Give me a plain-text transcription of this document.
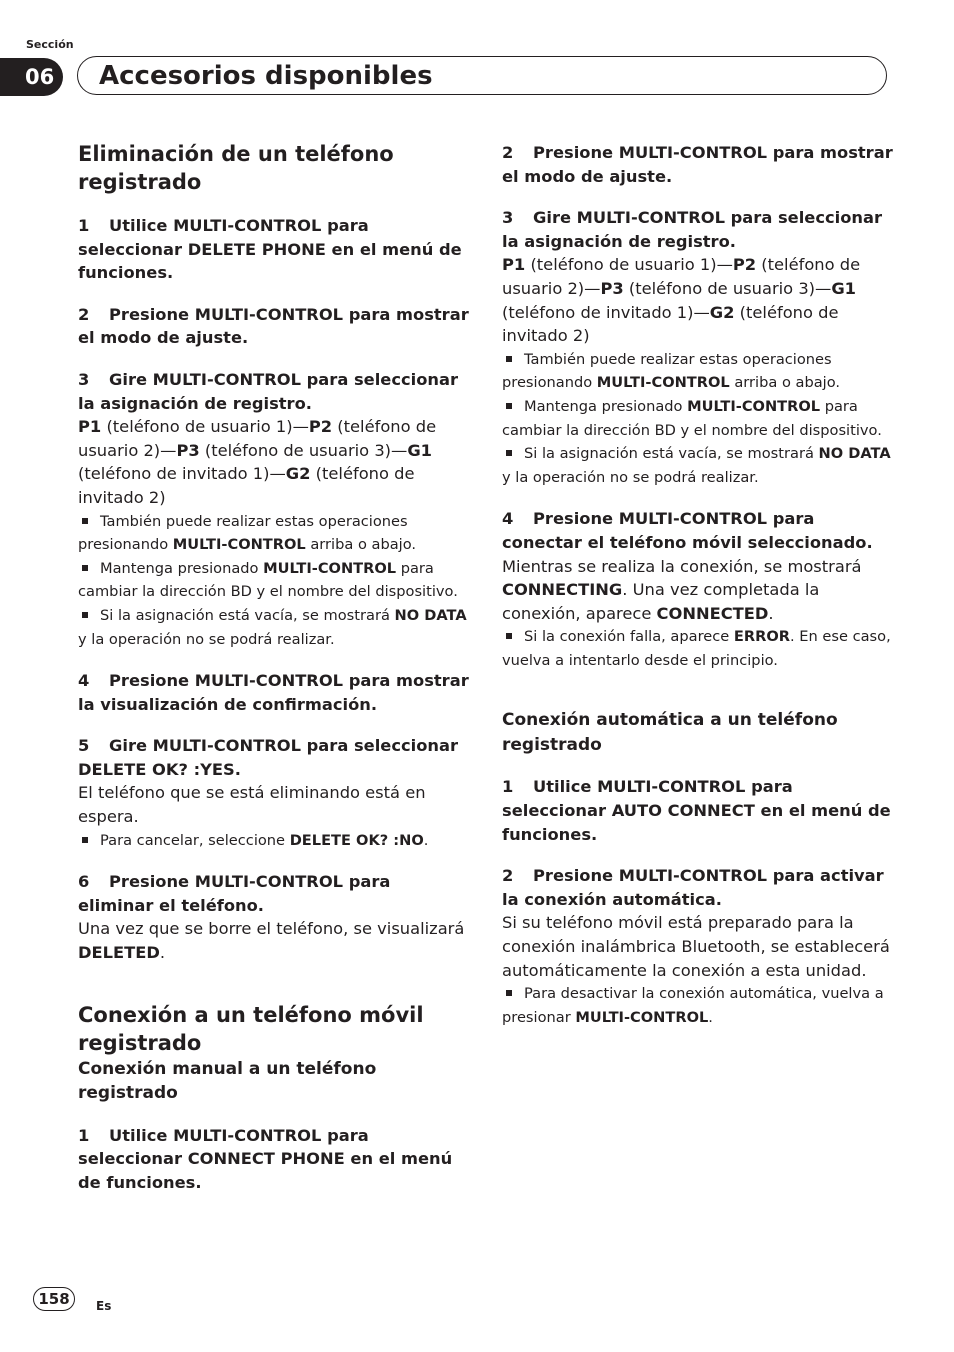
Sección
06	Accesorios disponibles

Eliminación de un teléfono registrado

1 Utilice MULTI-CONTROL para seleccionar DELETE PHONE en el menú de funciones.

2 Presione MULTI-CONTROL para mostrar el modo de ajuste.

3 Gire MULTI-CONTROL para seleccionar la asignación de registro.

P1 (teléfono de usuario 1)—P2 (teléfono de usuario 2)—P3 (teléfono de usuario 3)—G1 (teléfono de invitado 1)—G2 (teléfono de invitado 2)

También puede realizar estas operaciones presionando MULTI-CONTROL arriba o abajo.

Mantenga presionado MULTI-CONTROL para cambiar la dirección BD y el nombre del dispositivo.

Si la asignación está vacía, se mostrará NO DATA y la operación no se podrá realizar.

4 Presione MULTI-CONTROL para mostrar la visualización de confirmación.

5 Gire MULTI-CONTROL para seleccionar DELETE OK? :YES.

El teléfono que se está eliminando está en espera.

Para cancelar, seleccione DELETE OK? :NO.

6 Presione MULTI-CONTROL para eliminar el teléfono.

Una vez que se borre el teléfono, se visualizará DELETED.

Conexión a un teléfono móvil registrado

Conexión manual a un teléfono registrado

1 Utilice MULTI-CONTROL para seleccionar CONNECT PHONE en el menú de funciones.

2 Presione MULTI-CONTROL para mostrar el modo de ajuste.

3 Gire MULTI-CONTROL para seleccionar la asignación de registro.

P1 (teléfono de usuario 1)—P2 (teléfono de usuario 2)—P3 (teléfono de usuario 3)—G1 (teléfono de invitado 1)—G2 (teléfono de invitado 2)

También puede realizar estas operaciones presionando MULTI-CONTROL arriba o abajo.

Mantenga presionado MULTI-CONTROL para cambiar la dirección BD y el nombre del dispositivo.

Si la asignación está vacía, se mostrará NO DATA y la operación no se podrá realizar.

4 Presione MULTI-CONTROL para conectar el teléfono móvil seleccionado.

Mientras se realiza la conexión, se mostrará CONNECTING. Una vez completada la conexión, aparece CONNECTED.

Si la conexión falla, aparece ERROR. En ese caso, vuelva a intentarlo desde el principio.

Conexión automática a un teléfono registrado

1 Utilice MULTI-CONTROL para seleccionar AUTO CONNECT en el menú de funciones.

2 Presione MULTI-CONTROL para activar la conexión automática.

Si su teléfono móvil está preparado para la conexión inalámbrica Bluetooth, se establecerá automáticamente la conexión a esta unidad.

Para desactivar la conexión automática, vuelva a presionar MULTI-CONTROL.

158	Es
